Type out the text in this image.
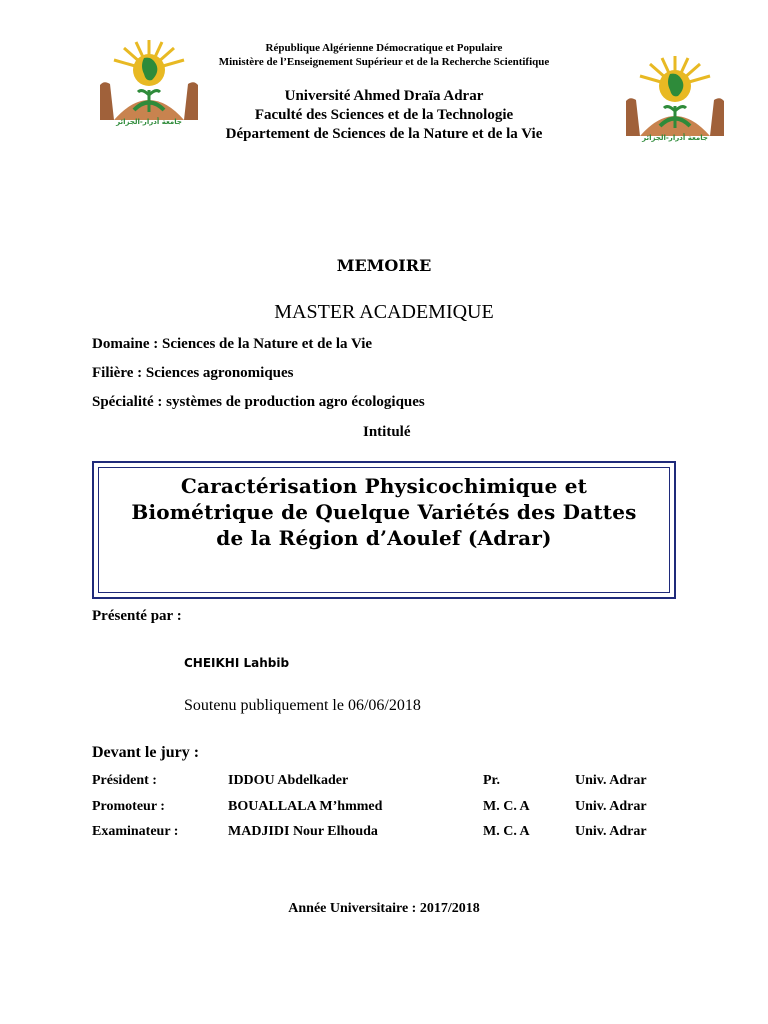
République Algérienne Démocratique et Populaire
Ministère de l’Enseignement Supérieur et de la Recherche Scientifique
Université Ahmed Draïa Adrar
Faculté des Sciences et de la Technologie
Département de Sciences de la Nature et de la Vie
جامعة أدرار-الجزائر
جامعة أدرار-الجزائر
MEMOIRE
MASTER ACADEMIQUE
Domaine : Sciences de la Nature et de la Vie
Filière : Sciences agronomiques
Spécialité : systèmes de production agro écologiques
Intitulé
Caractérisation Physicochimique et
Biométrique de Quelque Variétés des Dattes
de la Région d’Aoulef (Adrar)
Présenté par :
CHEIKHI Lahbib
Soutenu publiquement le 06/06/2018
Devant le jury :
Président :	IDDOU Abdelkader	Pr.	Univ. Adrar
Promoteur :	BOUALLALA M’hmmed	M. C. A	Univ. Adrar
Examinateur :	MADJIDI Nour Elhouda	M. C. A	Univ. Adrar
Année Universitaire : 2017/2018
